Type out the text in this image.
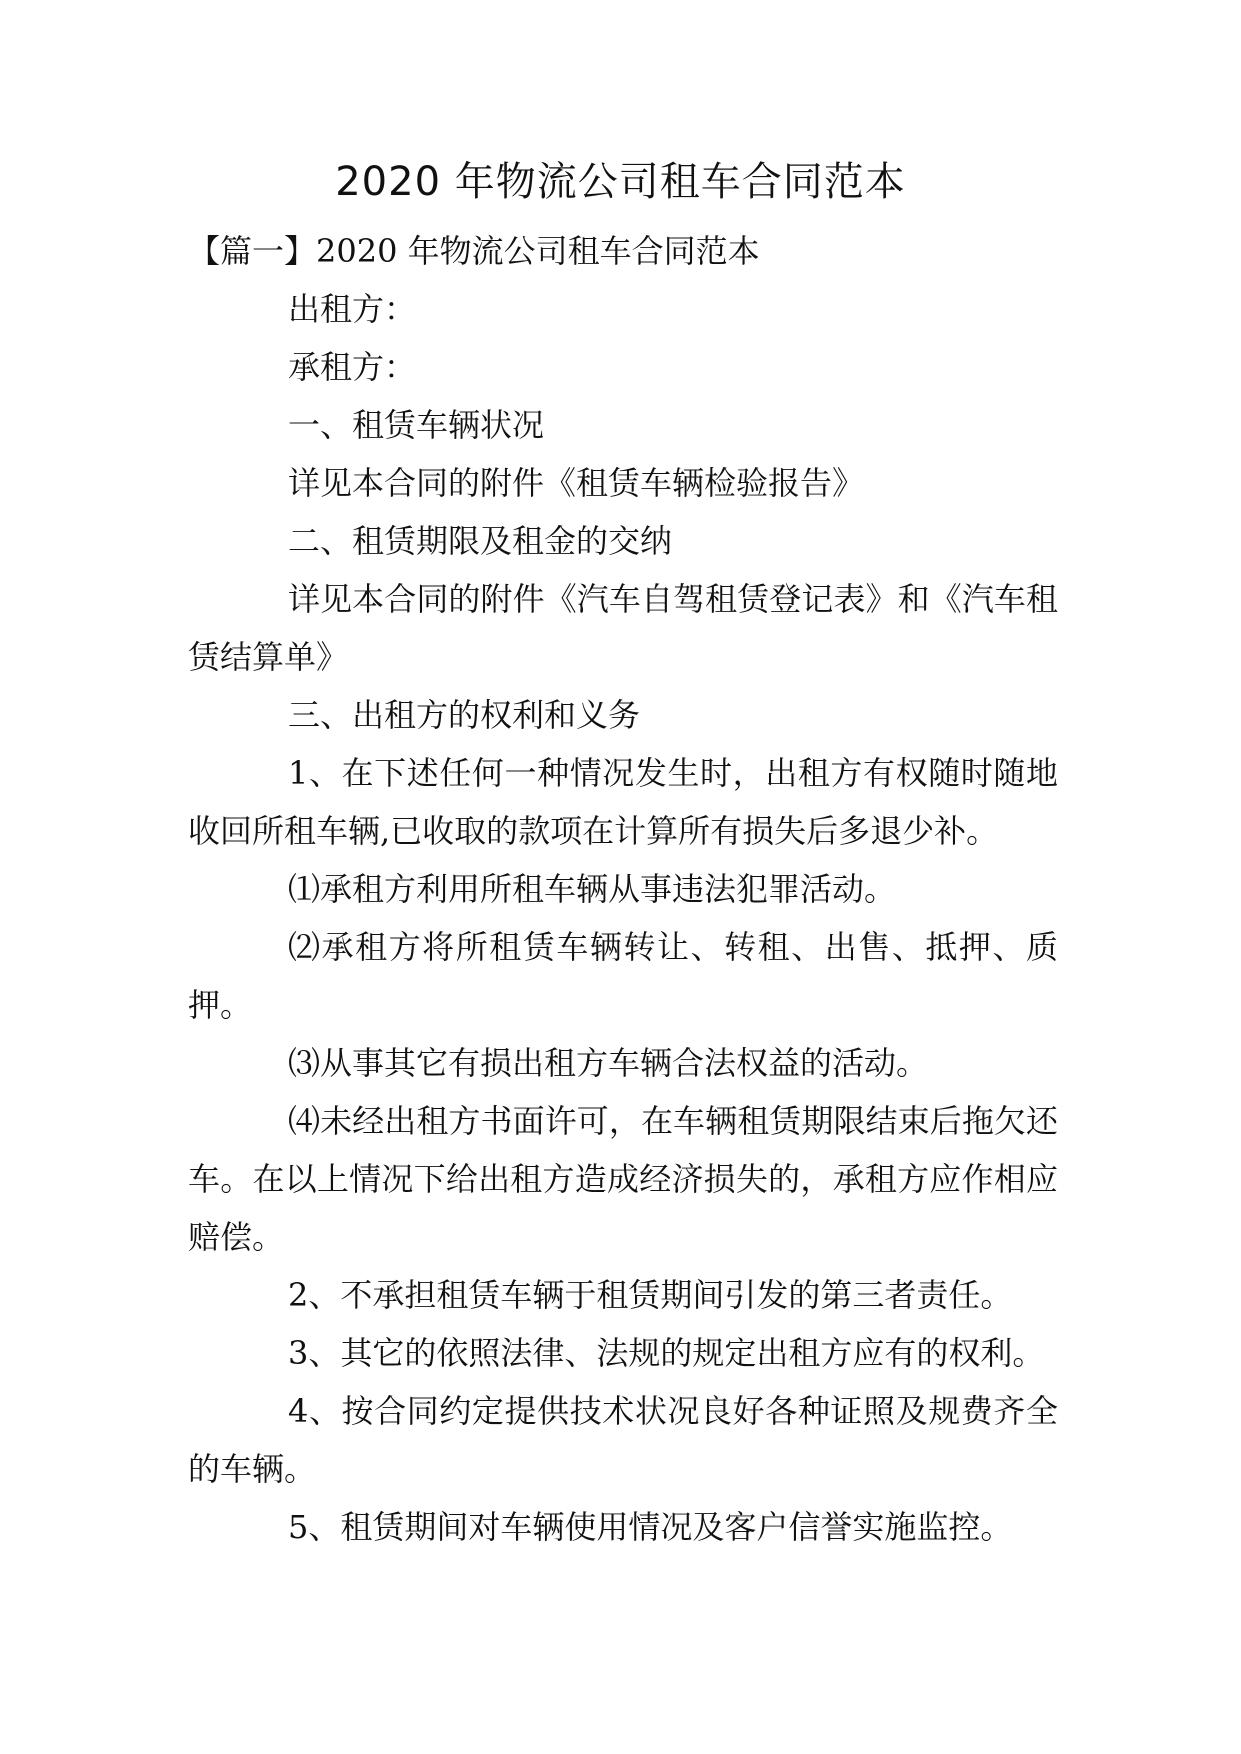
2020 年物流公司租车合同范本

【篇一】2020 年物流公司租车合同范本

出租方：

承租方：

一、租赁车辆状况

详见本合同的附件《租赁车辆检验报告》

二、租赁期限及租金的交纳

详见本合同的附件《汽车自驾租赁登记表》和《汽车租赁结算单》

三、出租方的权利和义务

1、在下述任何一种情况发生时，出租方有权随时随地收回所租车辆,已收取的款项在计算所有损失后多退少补。

⑴承租方利用所租车辆从事违法犯罪活动。

⑵承租方将所租赁车辆转让、转租、出售、抵押、质押。

⑶从事其它有损出租方车辆合法权益的活动。

⑷未经出租方书面许可，在车辆租赁期限结束后拖欠还车。在以上情况下给出租方造成经济损失的，承租方应作相应赔偿。

2、不承担租赁车辆于租赁期间引发的第三者责任。

3、其它的依照法律、法规的规定出租方应有的权利。

4、按合同约定提供技术状况良好各种证照及规费齐全的车辆。

5、租赁期间对车辆使用情况及客户信誉实施监控。
